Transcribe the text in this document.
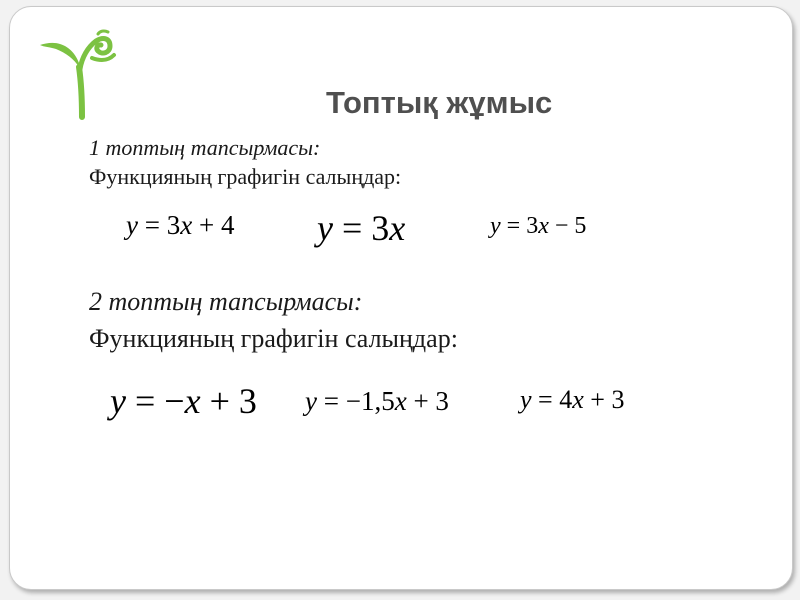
Топтық жұмыс
1 топтың тапсырмасы:
Функцияның графигін салыңдар:
y = 3x + 4 y = 3x	y = 3x − 5
2 топтың тапсырмасы:
Функцияның графигін салыңдар:
y = −x + 3 y = −1,5x + 3	y = 4x + 3
